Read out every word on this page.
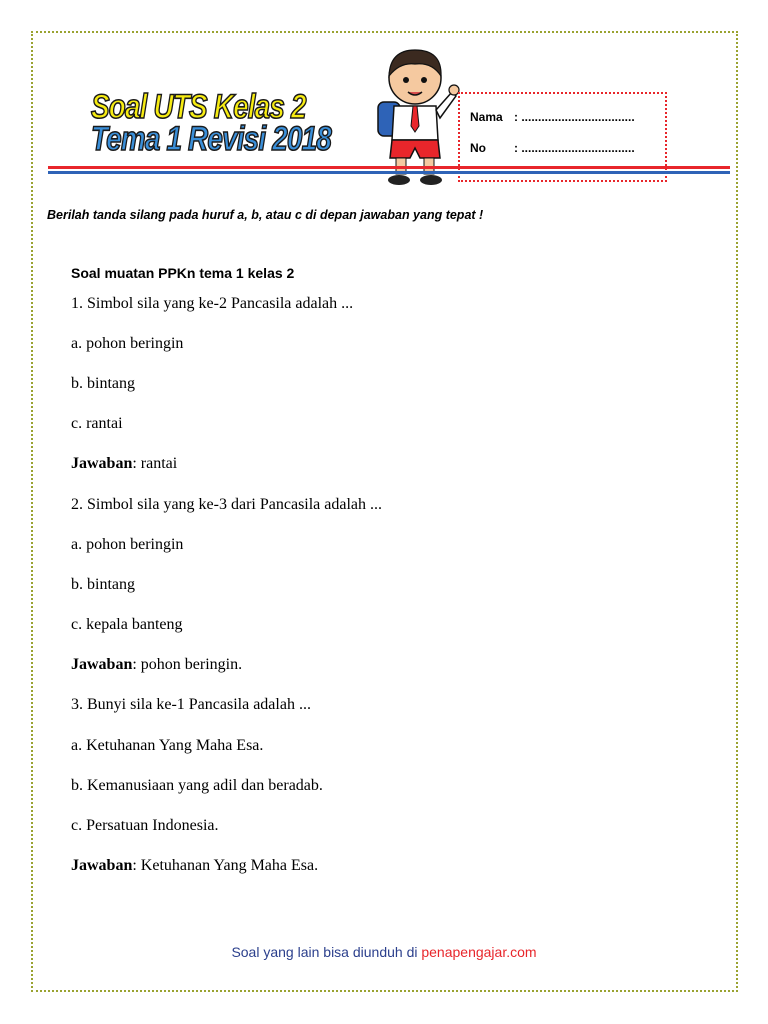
Soal UTS Kelas 2
Tema 1 Revisi 2018
Nama : ..................................
No : ..................................
Berilah tanda silang pada huruf a, b, atau c di depan jawaban yang tepat !
Soal muatan PPKn tema 1 kelas 2
1. Simbol sila yang ke-2 Pancasila adalah ...
a. pohon beringin
b. bintang
c. rantai
Jawaban: rantai
2. Simbol sila yang ke-3 dari Pancasila adalah ...
a. pohon beringin
b. bintang
c. kepala banteng
Jawaban: pohon beringin.
3. Bunyi sila ke-1 Pancasila adalah ...
a. Ketuhanan Yang Maha Esa.
b. Kemanusiaan yang adil dan beradab.
c. Persatuan Indonesia.
Jawaban: Ketuhanan Yang Maha Esa.
Soal yang lain bisa diunduh di penapengajar.com
